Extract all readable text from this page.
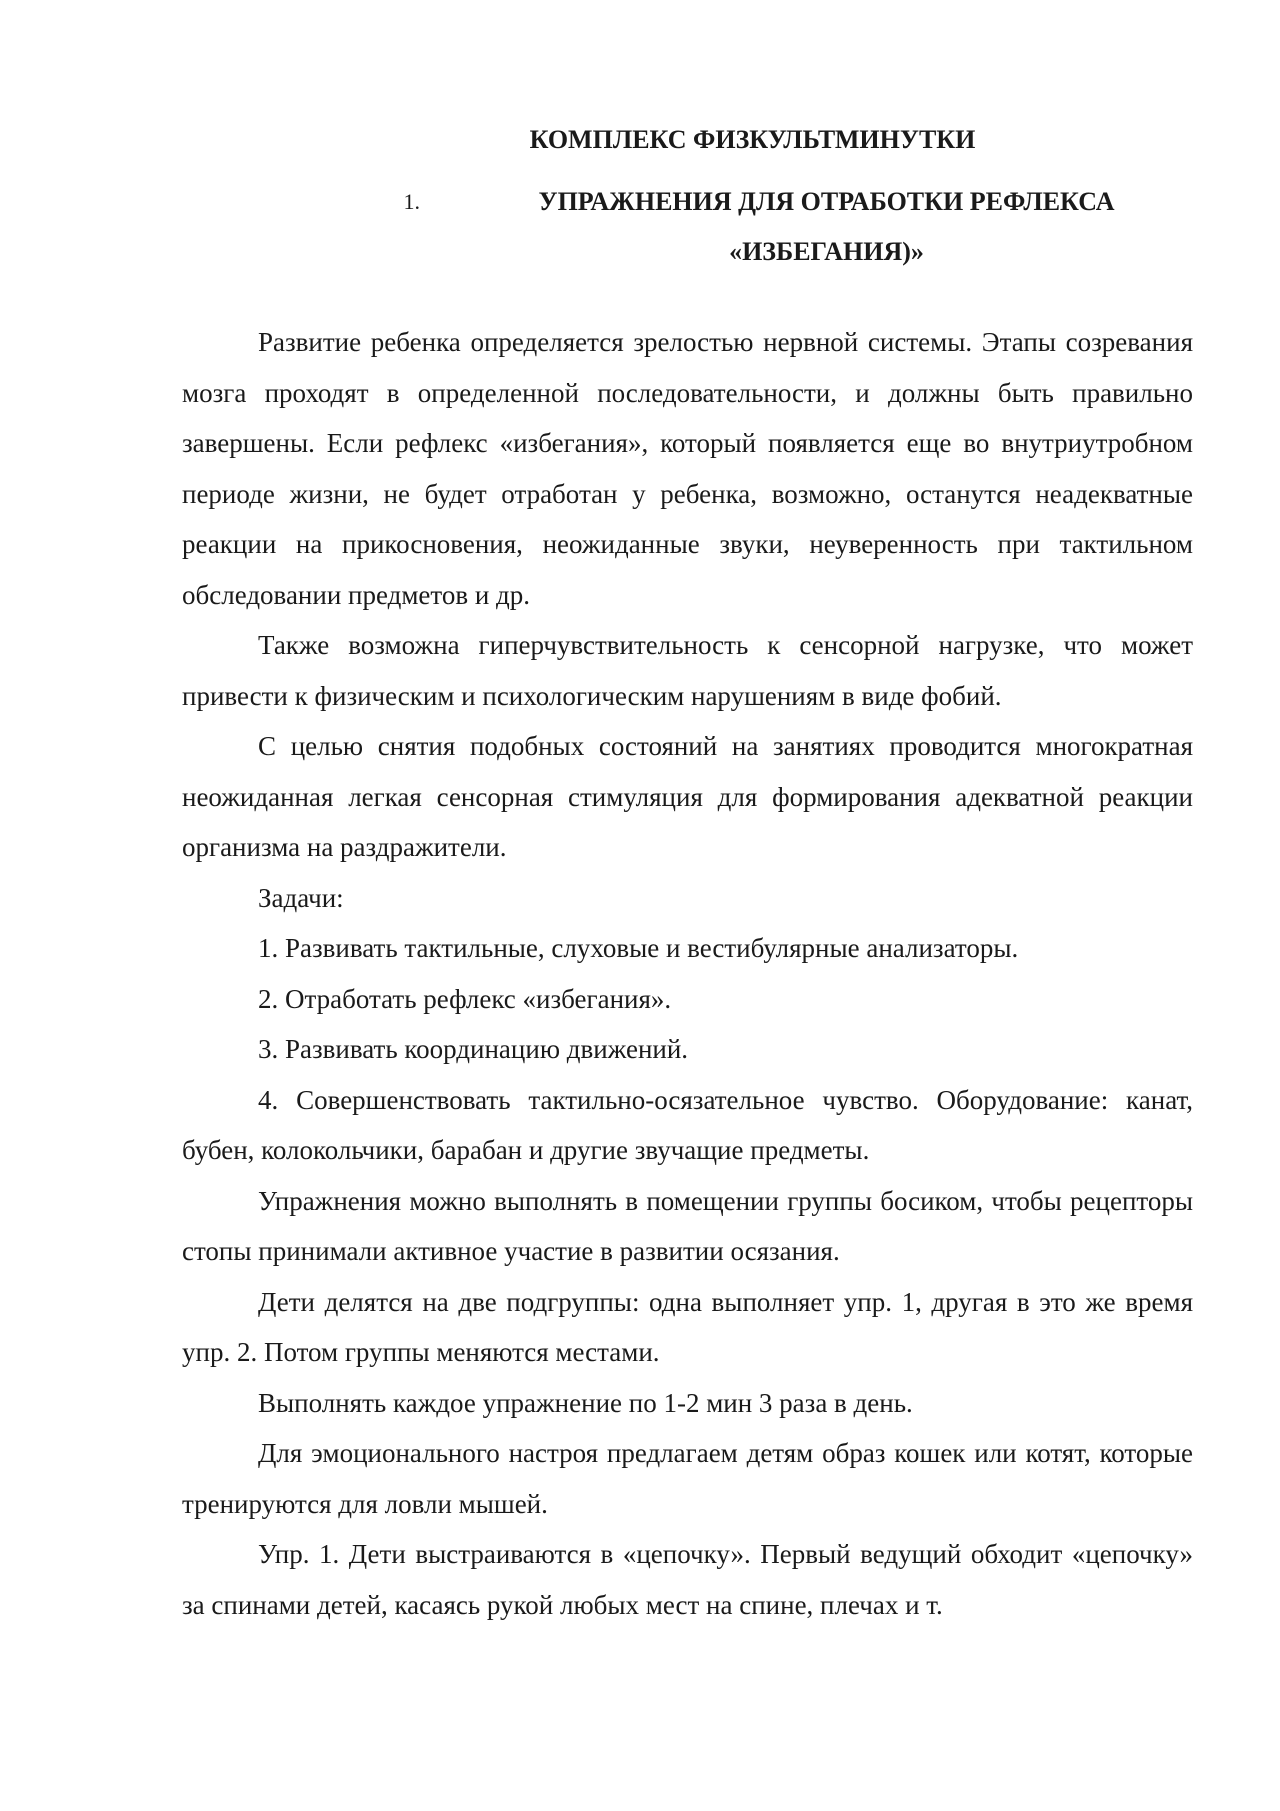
КОМПЛЕКС ФИЗКУЛЬТМИНУТКИ
1.	УПРАЖНЕНИЯ ДЛЯ ОТРАБОТКИ РЕФЛЕКСА
«ИЗБЕГАНИЯ)»

Развитие ребенка определяется зрелостью нервной системы. Этапы созревания мозга проходят в определенной последовательности, и должны быть правильно завершены. Если рефлекс «избегания», который появляется еще во внутриутробном периоде жизни, не будет отработан у ребенка, возможно, останутся неадекватные реакции на прикосновения, неожиданные звуки, неуверенность при тактильном обследовании предметов и др.

Также возможна гиперчувствительность к сенсорной нагрузке, что может привести к физическим и психологическим нарушениям в виде фобий.

С целью снятия подобных состояний на занятиях проводится многократная неожиданная легкая сенсорная стимуляция для формирования адекватной реакции организма на раздражители.

Задачи:

1. Развивать тактильные, слуховые и вестибулярные анализаторы.

2. Отработать рефлекс «избегания».

3. Развивать координацию движений.

4. Совершенствовать тактильно-осязательное чувство. Оборудование: канат, бубен, колокольчики, барабан и другие звучащие предметы.

Упражнения можно выполнять в помещении группы босиком, чтобы рецепторы стопы принимали активное участие в развитии осязания.

Дети делятся на две подгруппы: одна выполняет упр. 1, другая в это же время упр. 2. Потом группы меняются местами.

Выполнять каждое упражнение по 1-2 мин 3 раза в день.

Для эмоционального настроя предлагаем детям образ кошек или котят, которые тренируются для ловли мышей.

Упр. 1. Дети выстраиваются в «цепочку». Первый ведущий обходит «цепочку» за спинами детей, касаясь рукой любых мест на спине, плечах и т.
